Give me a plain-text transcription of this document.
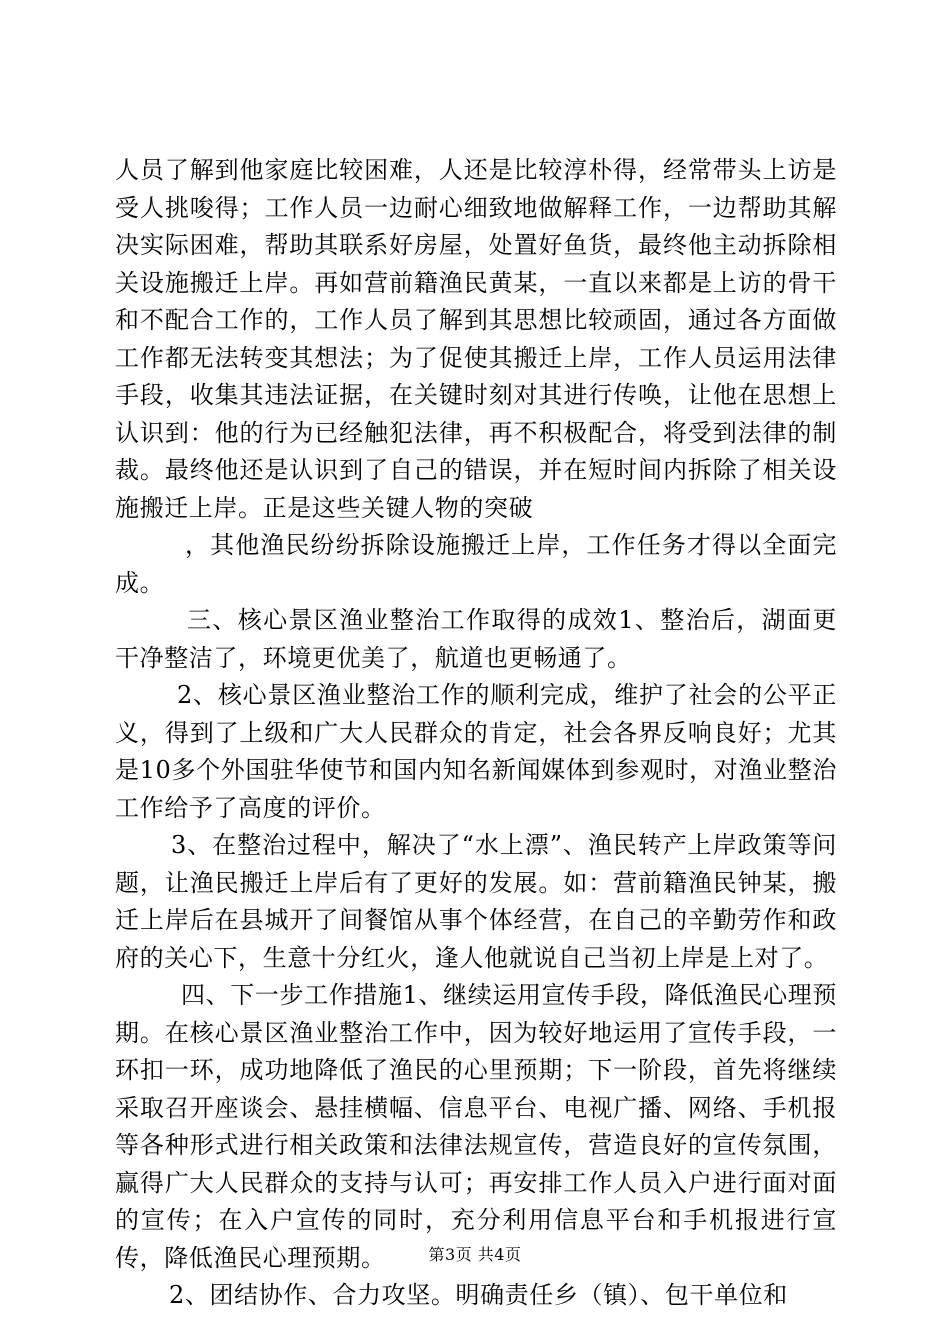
人员了解到他家庭比较困难，人还是比较淳朴得，经常带头上访是受人挑唆得；工作人员一边耐心细致地做解释工作，一边帮助其解决实际困难，帮助其联系好房屋，处置好鱼货，最终他主动拆除相关设施搬迁上岸。再如营前籍渔民黄某，一直以来都是上访的骨干和不配合工作的，工作人员了解到其思想比较顽固，通过各方面做工作都无法转变其想法；为了促使其搬迁上岸，工作人员运用法律手段，收集其违法证据，在关键时刻对其进行传唤，让他在思想上认识到：他的行为已经触犯法律，再不积极配合，将受到法律的制裁。最终他还是认识到了自己的错误，并在短时间内拆除了相关设施搬迁上岸。正是这些关键人物的突破

，其他渔民纷纷拆除设施搬迁上岸，工作任务才得以全面完成。

三、核心景区渔业整治工作取得的成效1、整治后，湖面更干净整洁了，环境更优美了，航道也更畅通了。

2、核心景区渔业整治工作的顺利完成，维护了社会的公平正义，得到了上级和广大人民群众的肯定，社会各界反响良好；尤其是10多个外国驻华使节和国内知名新闻媒体到参观时，对渔业整治工作给予了高度的评价。

3、在整治过程中，解决了“水上漂”、渔民转产上岸政策等问题，让渔民搬迁上岸后有了更好的发展。如：营前籍渔民钟某，搬迁上岸后在县城开了间餐馆从事个体经营，在自己的辛勤劳作和政府的关心下，生意十分红火，逢人他就说自己当初上岸是上对了。

四、下一步工作措施1、继续运用宣传手段，降低渔民心理预期。在核心景区渔业整治工作中，因为较好地运用了宣传手段，一环扣一环，成功地降低了渔民的心里预期；下一阶段，首先将继续采取召开座谈会、悬挂横幅、信息平台、电视广播、网络、手机报等各种形式进行相关政策和法律法规宣传，营造良好的宣传氛围，赢得广大人民群众的支持与认可；再安排工作人员入户进行面对面的宣传；在入户宣传的同时，充分利用信息平台和手机报进行宣传，降低渔民心理预期。

2、团结协作、合力攻坚。明确责任乡（镇）、包干单位和

第3页 共4页
